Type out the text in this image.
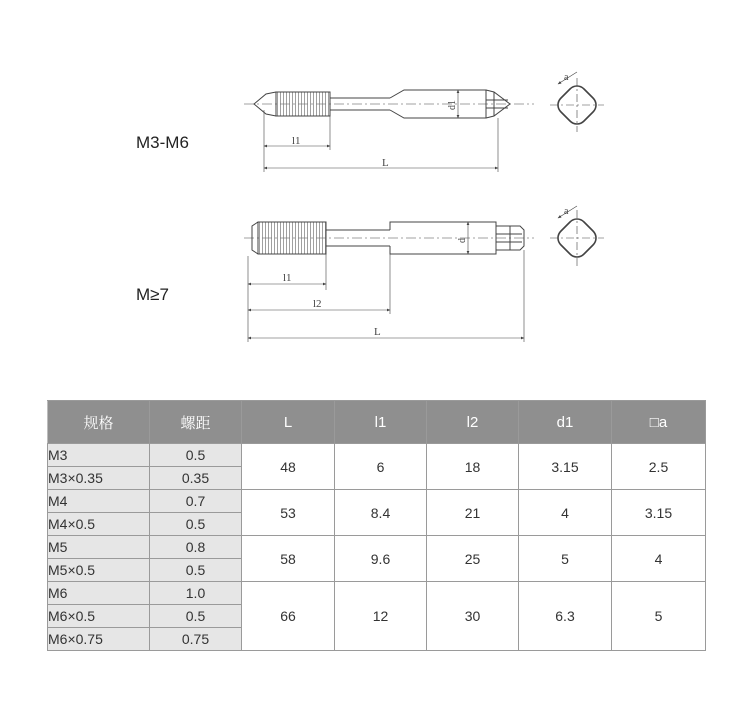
l1
L
d1
a
l1
l2
L
d
a
M3-M6
M≥7
规格	螺距	L	l1	l2	d1	□a
M3	0.5	48	6	18	3.15	2.5
M3×0.35	0.35					
M4	0.7	53	8.4	21	4	3.15
M4×0.5	0.5					
M5	0.8	58	9.6	25	5	4
M5×0.5	0.5					
M6	1.0	66	12	30	6.3	5
M6×0.5	0.5					
M6×0.75	0.75					
